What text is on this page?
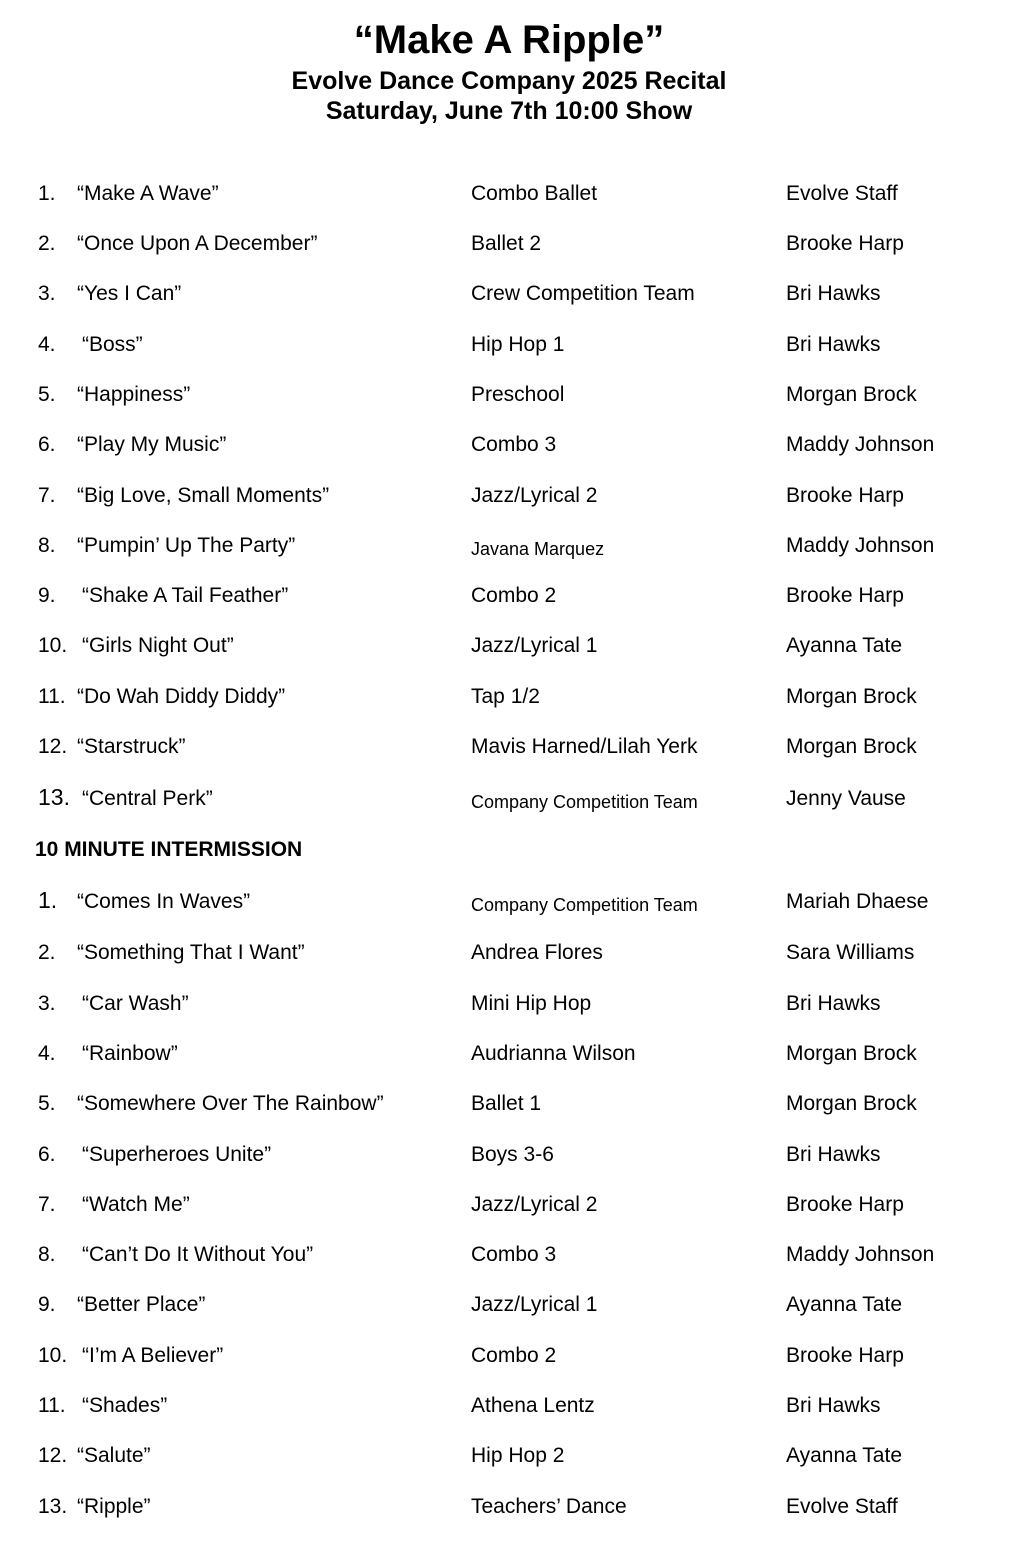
“Make A Ripple”
Evolve Dance Company 2025 Recital
Saturday, June 7th 10:00 Show
1. “Make A Wave”	Combo Ballet	Evolve Staff
2. “Once Upon A December”	Ballet 2	Brooke Harp
3. “Yes I Can”	Crew Competition Team	Bri Hawks
4. “Boss”	Hip Hop 1	Bri Hawks
5. “Happiness”	Preschool	Morgan Brock
6. “Play My Music”	Combo 3	Maddy Johnson
7. “Big Love, Small Moments”	Jazz/Lyrical 2	Brooke Harp
8. “Pumpin’ Up The Party”	Javana Marquez	Maddy Johnson
9. “Shake A Tail Feather”	Combo 2	Brooke Harp
10. “Girls Night Out”	Jazz/Lyrical 1	Ayanna Tate
11. “Do Wah Diddy Diddy”	Tap 1/2	Morgan Brock
12. “Starstruck”	Mavis Harned/Lilah Yerk	Morgan Brock
13. “Central Perk”	Company Competition Team	Jenny Vause
10 MINUTE INTERMISSION
1. “Comes In Waves”	Company Competition Team	Mariah Dhaese
2. “Something That I Want”	Andrea Flores	Sara Williams
3. “Car Wash”	Mini Hip Hop	Bri Hawks
4. “Rainbow”	Audrianna Wilson	Morgan Brock
5. “Somewhere Over The Rainbow”	Ballet 1	Morgan Brock
6. “Superheroes Unite”	Boys 3-6	Bri Hawks
7. “Watch Me”	Jazz/Lyrical 2	Brooke Harp
8. “Can’t Do It Without You”	Combo 3	Maddy Johnson
9. “Better Place”	Jazz/Lyrical 1	Ayanna Tate
10. “I’m A Believer”	Combo 2	Brooke Harp
11. “Shades”	Athena Lentz	Bri Hawks
12. “Salute”	Hip Hop 2	Ayanna Tate
13. “Ripple”	Teachers’ Dance	Evolve Staff
